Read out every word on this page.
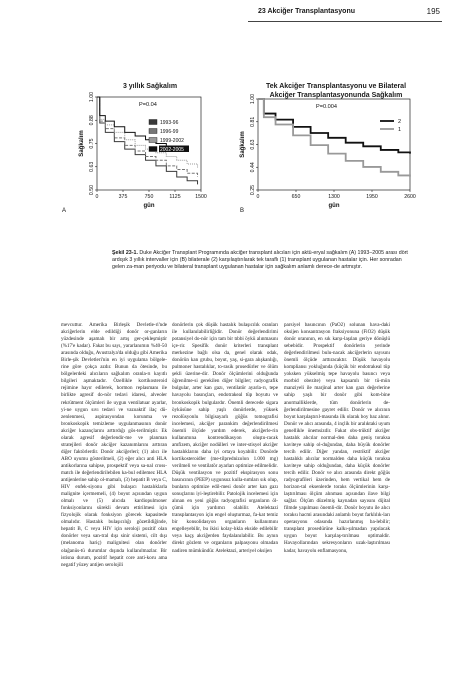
23 Akciğer Transplantasyonu	195
3 yıllık Sağkalım	Tek Akciğer Transplantasyonu ve Bilateral
Akciğer Transplantasyonunda Sağkalım
0.50
0.63
0.75
0.88
1.00
0	375	750	1125	1500
gün
Sağkalım
P=0.04
1993-96
1996-99
1999-2002
2002-2005
0.25
0.44
0.63
0.81
1.00
0	650	1300	1950	2600
gün
Sağkalım
P=0.004
2
1
A	B
Şekil 23-1. Duke Akciğer Transplant Programında akciğer transplant alıcıları için aktü-eryal sağkalım (A) 1993–2005 arası dört ardışık 3 yıllık intervaller için (B) bilaterale (2) karşılaştırılarak tek taraflı (1) transplant uygulanan hastalar için. Her sonradan gelen za-man periyodu ve bilateral transplant uygulanan hastalar için sağkalım anlamlı derece-de artmıştır.
mevcuttur. Amerika Birleşik Devletle-ri'nde akciğerlerin elde edildiği donör or-ganların yüzdesinde aşamalı bir artış ger-çekleşmiştir (%17'e kadar). Fakat bu sayı, yararlanımın %40-50 arasında olduğu, Avustralya'da olduğu gibi Amerika Birle-şik Devletleri'nin en iyi uygulama bölgele-rine göre çokça azdır. Bunun da ötesinde, bu bölgelerdeki alıcıların sağkalım oranla-rı kayıtlı bilgileri aşmaktadır. Özellikle kortikosteroid rejimine hayır edilerek, hormon replasmanı ile birlikte agresif do-nör tedavi idaresi, alveoler rekrütment ölçümleri ile uygun ventilatuar ayarlar, yi-ne uygun sıvı tedavi ve vazoaktif ilaç dü-zenlenmesi, aspirasyondan korunma ve bronkoskopik temizleme uygulanmasının donör akciğer kazançlarını arttırdığı gös-terilmiştir. Ek olarak agresif değerlendir-me ve planman stratejileri donör akciğer kazanımlarını arttıran diğer faktörlerdir. Donör akciğerleri; (1) alıcı ile ABO uyumu gösterilmeli, (2) eğer alıcı anti HLA antikorlarına sahipse, prospektif veya sa-nal cross-match ile değerlendirilebilen ka-bul edilemez HLA antijenlerine sahip ol-mamalı, (3) hepatit B veya C, HIV enfek-siyonu gibi bulaşıcı hastalıklarla malignite içermemeli, (4) boyut açısından uygun olmalı ve (5) alıcıda kardiopulmoner fonksiyonlarını sürekli devam ettirilmesi için fizyolojik olarak fonksiyon görecek kapasitede olmalıdır. Hastalık bulaşıcılığı gözetildiğinde, hepatit B, C veya HIV için seroloji pozitif olan donörler veya san-tral dışı sinir sistemi, cilt dışı (melanoma hariç) malignitesi olan donörler olağanüs-tü durumlar dışında kullanılmazlar. Bir istisna durum, pozitif hepatit core anti-koru ama negatif yüzey antijen serolojili
donörlerin çok düşük hastalık bulaşıcılık oranları ile kullanılabilirliğidir. Donör değerlendirimi potansiyel do-nör için tam bir tıbbi öykü alınmasını içe-rir. Spesifik donör kriterleri transplant merkezine bağlı olsa da, genel olarak odak, donörün kan grubu, boyut, yaş, si-gara alışkanlığı, pulmoner hastalıklar, to-rasik prosedürler ve ölüm şekli üzerine-dir. Donör ölçümlerini olduğunda öğrenilme-si gerekilen diğer bilgiler; radyografik bulgular, arter kan gazı, ventilatör ayarla-rı, tepe havayolu basınçları, endotrakeal tüp boyutu ve bronkoskopik bulgulardır. Önemli derecede sigara öyküsüne sahip yaşlı donörlerde, yüksek rezolüsyonlu bilgisayarlı göğüs tomografisi incelemesi, akciğer parankim değerlendirilmesi önemli ölçüde yardım ederek, akciğerle-rin kullanımına kontrendikasyon oluştu-racak amfizem, akciğer nodülleri ve inter-stisyel akciğer hastalıklarını daha iyi ortaya koyabilir. Donörde kortikosteroidler (me-tilprednizolon 1.000 mg) verilmeli ve ventilatör ayarları optimize edilmelidir. Düşük ventilasyon ve pozitif ekspirasyon sonu basıncının (PEEP) uygunsuz kulla-nımları sık olup, bunların optimize edil-mesi donör arter kan gazı sonuçlarını iyi-leştirebilir. Patolojik incelemesi için alınan en yeni göğüs radyografisi organların öl-çümü için yardımcı olabilir. Atelektazi transplantasyon için engel oluşturmaz, fa-kat temiz bir konsolidasyon organların kullanımını engelleyebilir, bu ikisi kolay-lıkla ekside edilebilir veya kaçş akciğerden faydalanılabilir. Bu aynın direkt gözlem ve organların palpasyonu olmadan nadiren mümkündür. Atelektazi, arteriyel oksijen
parsiyel basıncının (PaO2) solunan hava-daki oksijen konsantrasyon fraksiyonuna (FiO2) düşük donör oranının, en sık karşı-laşılan geriye dönüşlü sebebidir. Prospektif donörlerin yerinde değerlendirilmesi bulu-nacak akciğerlerin sayısını önemli ölçüde arttıracaktır. Düşük havayolu kompliansı yokluğunda (küçük bir endotrakeal tüp yoksken yükselmiş tepe havayolu basıncı veya morbid obezite) veya kapsamlı bir tü-mün manziyeli ile marjinal arter kan gazı değerlerine sahip yaşlı bir donör gibi kom-bine anormalliklerde, tüm donörlerin de-ğerlendirilmesine gayret edilir. Donör ve alıcının boyut karşılaştırıl-masında ilk olarak boy baz alınır. Donör ve alıcı arasında, 4 inçlik bir aralıktaki uyum genellikle önemsizdir. Fakat obs-trüktif akciğer hastalık alıcılar normal-den daha geniş toraksa kaviteye sahip ol-duğundan, daha büyük donörler tercih edilir. Diğer yandan, restriktif akciğer hastalıklı alıcılar normalden daha küçük toraksa kaviteye sahip olduğundan, daha küçük donörler tercih edilir. Donör ve alıcı arasında direkt göğüs radyografileri üzerinden, hem vertikal hem de horizon-tal eksenlerde toraks ölçümlerinin karşı-laştırılması ölçüm alınması açısından ilave bilgi sağlar. Ölçüm düzelmiş kaynadan sayısını dijital filmde yapılması önemli-dir. Donör boyutu ile alıcı toraksı hacmi arasındaki anlamlı boyut farklılık-ları operasyonu odasında hazırlanmış ba-lebilir; transplant prosedürüne kalkı-şılmadan yapılacak uygun boyut karşılaş-tırılması optimaldir. Havayollarından sekresyonların uzak-laştırılması kadar, havayolu enflamasyonu,
